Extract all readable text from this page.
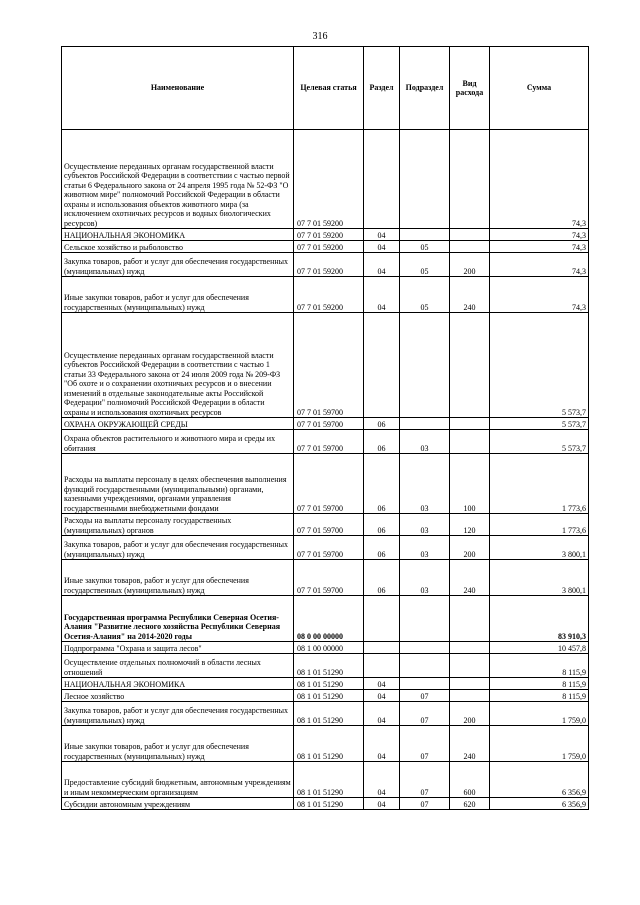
316
Наименование	Целевая статья	Раздел	Подраздел	Вид расхода	Сумма
Осуществление переданных органам государственной власти субъектов Российской Федерации в соответствии с частью первой статьи 6 Федерального закона от 24 апреля 1995 года № 52-ФЗ "О животном мире" полномочий Российской Федерации в области охраны и использования объектов животного мира (за исключением охотничьих ресурсов и водных биологических ресурсов)	07 7 01 59200				74,3
НАЦИОНАЛЬНАЯ ЭКОНОМИКА	07 7 01 59200	04			74,3
Сельское хозяйство и рыболовство	07 7 01 59200	04	05		74,3
Закупка товаров, работ и услуг для обеспечения государственных (муниципальных) нужд	07 7 01 59200	04	05	200	74,3
Иные закупки товаров, работ и услуг для обеспечения государственных (муниципальных) нужд	07 7 01 59200	04	05	240	74,3
Осуществление переданных органам государственной власти субъектов Российской Федерации в соответствии с частью 1 статьи 33 Федерального закона от 24 июля 2009 года № 209-ФЗ "Об охоте и о сохранении охотничьих ресурсов и о внесении изменений в отдельные законодательные акты Российской Федерации" полномочий Российской Федерации в области охраны и использования охотничьих ресурсов	07 7 01 59700				5 573,7
ОХРАНА ОКРУЖАЮЩЕЙ СРЕДЫ	07 7 01 59700	06			5 573,7
Охрана объектов растительного и животного мира и среды их обитания	07 7 01 59700	06	03		5 573,7
Расходы на выплаты персоналу в целях обеспечения выполнения функций государственными (муниципальными) органами, казенными учреждениями, органами управления государственными внебюджетными фондами	07 7 01 59700	06	03	100	1 773,6
Расходы на выплаты персоналу государственных (муниципальных) органов	07 7 01 59700	06	03	120	1 773,6
Закупка товаров, работ и услуг для обеспечения государственных (муниципальных) нужд	07 7 01 59700	06	03	200	3 800,1
Иные закупки товаров, работ и услуг для обеспечения государственных (муниципальных) нужд	07 7 01 59700	06	03	240	3 800,1
Государственная программа Республики Северная Осетия-Алания "Развитие лесного хозяйства Республики Северная Осетия-Алания" на 2014-2020 годы	08 0 00 00000				83 910,3
Подпрограмма "Охрана и защита лесов"	08 1 00 00000				10 457,8
Осуществление отдельных полномочий в области лесных отношений	08 1 01 51290				8 115,9
НАЦИОНАЛЬНАЯ ЭКОНОМИКА	08 1 01 51290	04			8 115,9
Лесное хозяйство	08 1 01 51290	04	07		8 115,9
Закупка товаров, работ и услуг для обеспечения государственных (муниципальных) нужд	08 1 01 51290	04	07	200	1 759,0
Иные закупки товаров, работ и услуг для обеспечения государственных (муниципальных) нужд	08 1 01 51290	04	07	240	1 759,0
Предоставление субсидий бюджетным, автономным учреждениям и иным некоммерческим организациям	08 1 01 51290	04	07	600	6 356,9
Субсидии автономным учреждениям	08 1 01 51290	04	07	620	6 356,9
